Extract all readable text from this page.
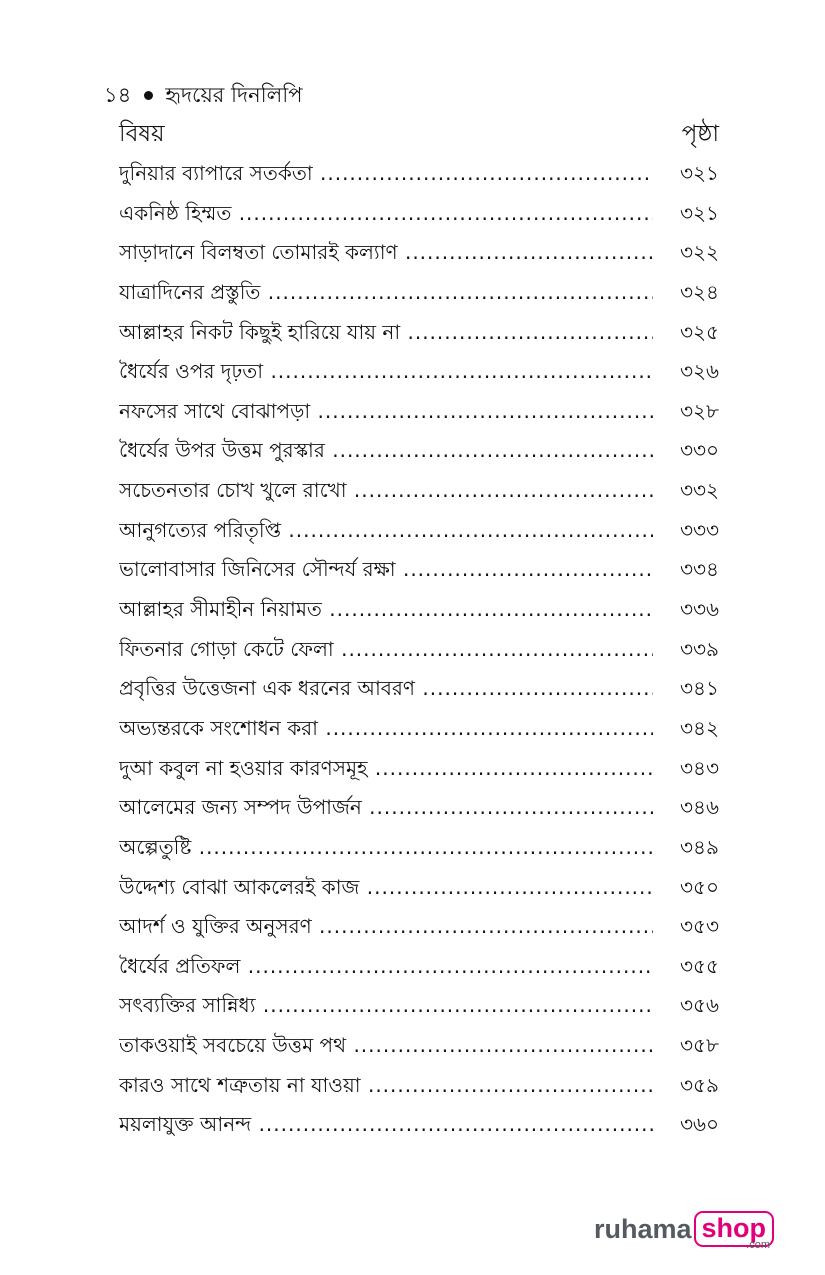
১৪ হৃদয়ের দিনলিপি
বিষয়	পৃষ্ঠা
দুনিয়ার ব্যাপারে সতর্কতা .....	৩২১
একনিষ্ঠ হিম্মত .....	৩২১
সাড়াদানে বিলম্বতা তোমারই কল্যাণ .....	৩২২
যাত্রাদিনের প্রস্তুতি .....	৩২৪
আল্লাহর নিকট কিছুই হারিয়ে যায় না .....	৩২৫
ধৈর্যের ওপর দৃঢ়তা .....	৩২৬
নফসের সাথে বোঝাপড়া .....	৩২৮
ধৈর্যের উপর উত্তম পুরস্কার .....	৩৩০
সচেতনতার চোখ খুলে রাখো .....	৩৩২
আনুগত্যের পরিতৃপ্তি .....	৩৩৩
ভালোবাসার জিনিসের সৌন্দর্য রক্ষা .....	৩৩৪
আল্লাহর সীমাহীন নিয়ামত .....	৩৩৬
ফিতনার গোড়া কেটে ফেলা .....	৩৩৯
প্রবৃত্তির উত্তেজনা এক ধরনের আবরণ .....	৩৪১
অভ্যন্তরকে সংশোধন করা .....	৩৪২
দুআ কবুল না হওয়ার কারণসমূহ .....	৩৪৩
আলেমের জন্য সম্পদ উপার্জন .....	৩৪৬
অল্পেতুষ্টি .....	৩৪৯
উদ্দেশ্য বোঝা আকলেরই কাজ .....	৩৫০
আদর্শ ও যুক্তির অনুসরণ .....	৩৫৩
ধৈর্যের প্রতিফল .....	৩৫৫
সৎব্যক্তির সান্নিধ্য .....	৩৫৬
তাকওয়াই সবচেয়ে উত্তম পথ .....	৩৫৮
কারও সাথে শত্রুতায় না যাওয়া .....	৩৫৯
ময়লাযুক্ত আনন্দ .....	৩৬০
ruhama shop
.com
